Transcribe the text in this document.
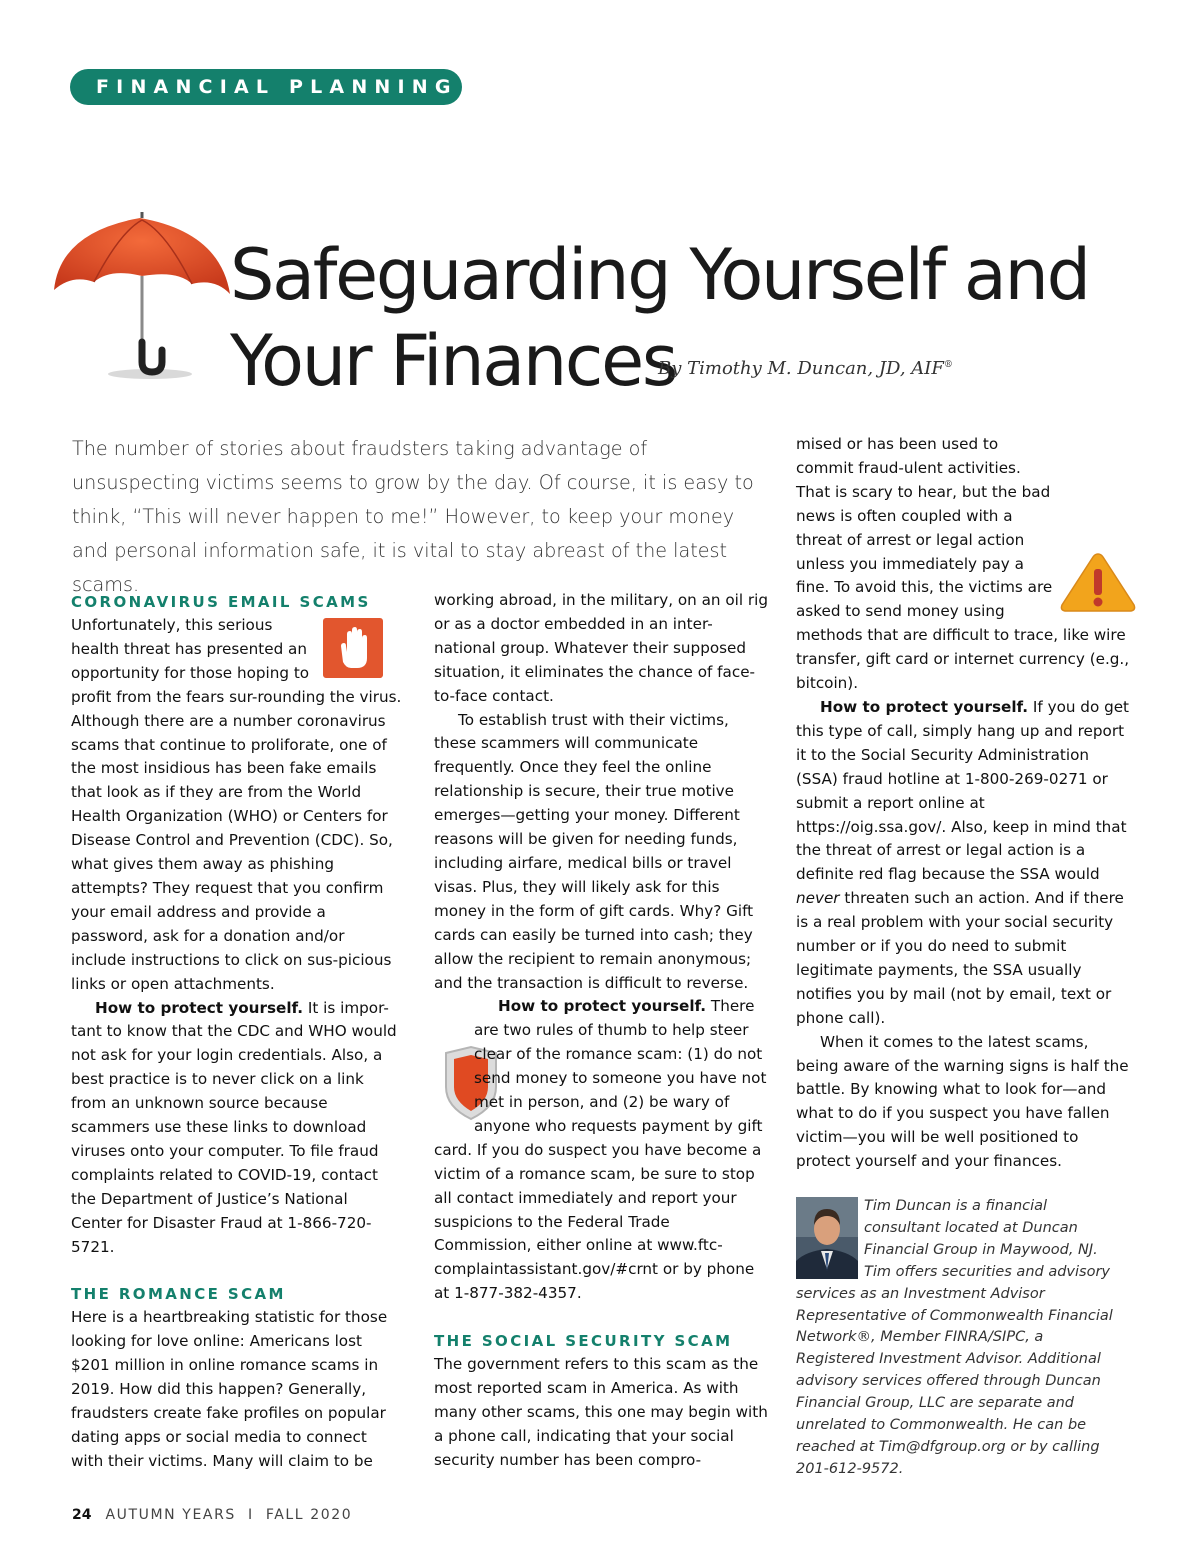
FINANCIAL PLANNING
Safeguarding Yourself and
Your Finances
By Timothy M. Duncan, JD, AIF®
The number of stories about fraudsters taking advantage of unsuspecting victims seems to grow by the day. Of course, it is easy to think, “This will never happen to me!” However, to keep your money and personal information safe, it is vital to stay abreast of the latest scams.

CORONAVIRUS EMAIL SCAMS

Unfortunately, this serious health threat has presented an opportunity for those hoping to profit from the fears sur-rounding the virus. Although there are a number coronavirus scams that continue to proliforate, one of the most insidious has been fake emails that look as if they are from the World Health Organization (WHO) or Centers for Disease Control and Prevention (CDC). So, what gives them away as phishing attempts? They request that you confirm your email address and provide a password, ask for a donation and/or include instructions to click on sus-picious links or open attachments.

How to protect yourself. It is impor-tant to know that the CDC and WHO would not ask for your login credentials. Also, a best practice is to never click on a link from an unknown source because scammers use these links to download viruses onto your computer. To file fraud complaints related to COVID-19, contact the Department of Justice’s National Center for Disaster Fraud at 1-866-720-5721.

THE ROMANCE SCAM

Here is a heartbreaking statistic for those looking for love online: Americans lost $201 million in online romance scams in 2019. How did this happen? Generally, fraudsters create fake profiles on popular dating apps or social media to connect with their victims. Many will claim to be

working abroad, in the military, on an oil rig or as a doctor embedded in an inter-national group. Whatever their supposed situation, it eliminates the chance of face-to-face contact.

To establish trust with their victims, these scammers will communicate frequently. Once they feel the online relationship is secure, their true motive emerges—getting your money. Different reasons will be given for needing funds, including airfare, medical bills or travel visas. Plus, they will likely ask for this money in the form of gift cards. Why? Gift cards can easily be turned into cash; they allow the recipient to remain anonymous; and the transaction is difficult to reverse.

How to protect yourself. There are two rules of thumb to help steer clear of the romance scam: (1) do not send money to someone you have not met in person, and (2) be wary of anyone who requests payment by gift card. If you do suspect you have become a victim of a romance scam, be sure to stop all contact immediately and report your suspicions to the Federal Trade Commission, either online at www.ftc-complaintassistant.gov/#crnt or by phone at 1-877-382-4357.

THE SOCIAL SECURITY SCAM

The government refers to this scam as the most reported scam in America. As with many other scams, this one may begin with a phone call, indicating that your social security number has been compro-

mised or has been used to commit fraud-ulent activities. That is scary to hear, but the bad news is often coupled with a threat of arrest or legal action unless you immediately pay a fine. To avoid this, the victims are asked to send money using methods that are difficult to trace, like wire transfer, gift card or internet currency (e.g., bitcoin).

How to protect yourself. If you do get this type of call, simply hang up and report it to the Social Security Administration (SSA) fraud hotline at 1-800-269-0271 or submit a report online at https://oig.ssa.gov/. Also, keep in mind that the threat of arrest or legal action is a definite red flag because the SSA would never threaten such an action. And if there is a real problem with your social security number or if you do need to submit legitimate payments, the SSA usually notifies you by mail (not by email, text or phone call).

When it comes to the latest scams, being aware of the warning signs is half the battle. By knowing what to look for—and what to do if you suspect you have fallen victim—you will be well positioned to protect yourself and your finances.

Tim Duncan is a financial consultant located at Duncan Financial Group in Maywood, NJ. Tim offers securities and advisory services as an Investment Advisor Representative of Commonwealth Financial Network®, Member FINRA/SIPC, a Registered Investment Advisor. Additional advisory services offered through Duncan Financial Group, LLC are separate and unrelated to Commonwealth. He can be reached at Tim@dfgroup.org or by calling 201-612-9572.
24 AUTUMN YEARS  I  FALL 2020
